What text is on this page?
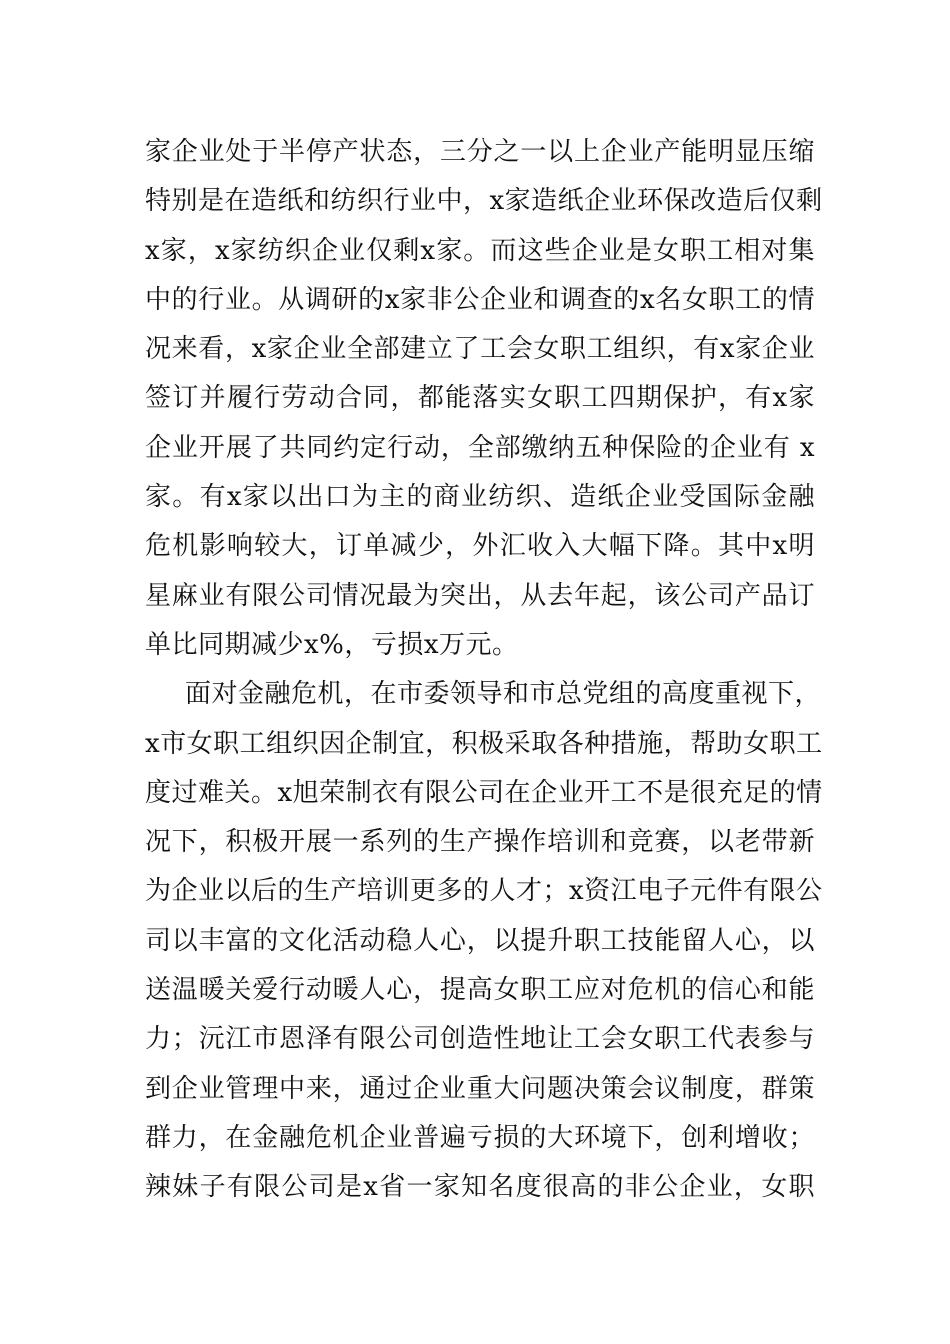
家企业处于半停产状态，三分之一以上企业产能明显压缩
特别是在造纸和纺织行业中，x家造纸企业环保改造后仅剩
x家，x家纺织企业仅剩x家。而这些企业是女职工相对集
中的行业。从调研的x家非公企业和调查的x名女职工的情
况来看，x家企业全部建立了工会女职工组织，有x家企业
签订并履行劳动合同，都能落实女职工四期保护，有x家
企业开展了共同约定行动，全部缴纳五种保险的企业有 x
家。有x家以出口为主的商业纺织、造纸企业受国际金融
危机影响较大，订单减少，外汇收入大幅下降。其中x明
星麻业有限公司情况最为突出，从去年起，该公司产品订
单比同期减少x%，亏损x万元。
面对金融危机，在市委领导和市总党组的高度重视下，
x市女职工组织因企制宜，积极采取各种措施，帮助女职工
度过难关。x旭荣制衣有限公司在企业开工不是很充足的情
况下，积极开展一系列的生产操作培训和竞赛，以老带新
为企业以后的生产培训更多的人才；x资江电子元件有限公
司以丰富的文化活动稳人心，以提升职工技能留人心，以
送温暖关爱行动暖人心，提高女职工应对危机的信心和能
力；沅江市恩泽有限公司创造性地让工会女职工代表参与
到企业管理中来，通过企业重大问题决策会议制度，群策
群力，在金融危机企业普遍亏损的大环境下，创利增收；
辣妹子有限公司是x省一家知名度很高的非公企业，女职
